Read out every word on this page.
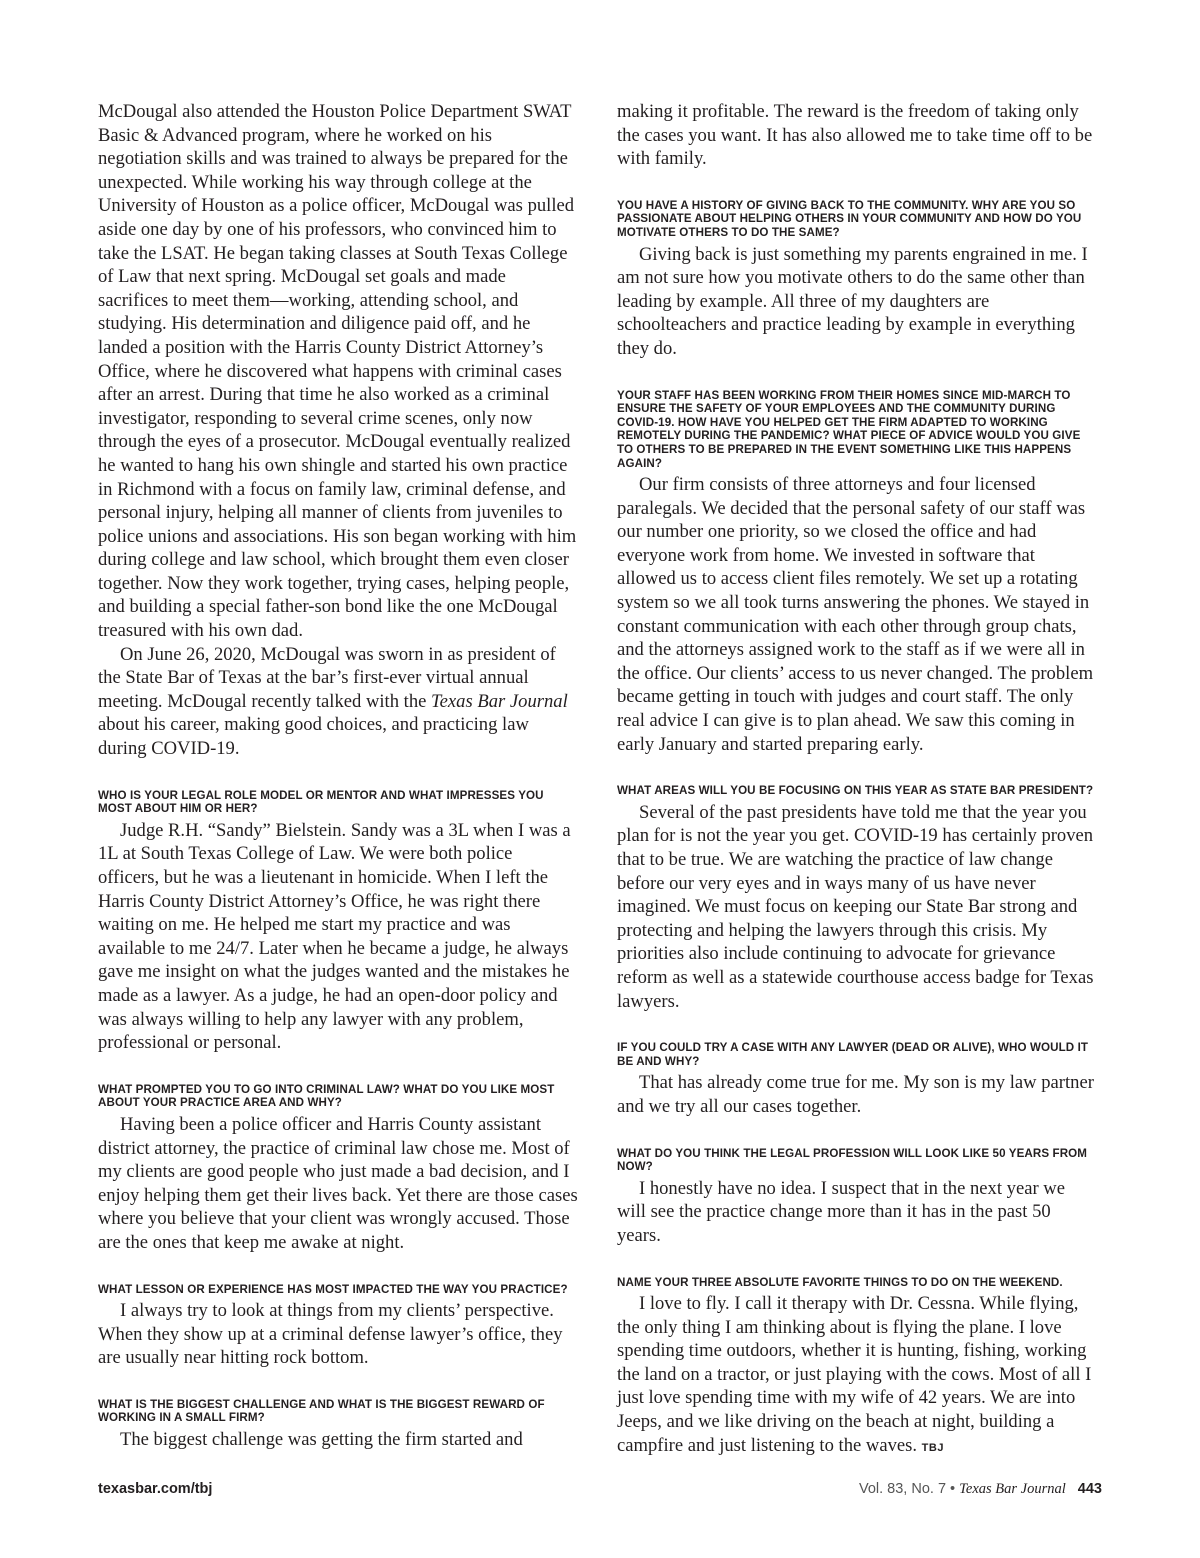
McDougal also attended the Houston Police Department SWAT Basic & Advanced program, where he worked on his negotiation skills and was trained to always be prepared for the unexpected. While working his way through college at the University of Houston as a police officer, McDougal was pulled aside one day by one of his professors, who convinced him to take the LSAT. He began taking classes at South Texas College of Law that next spring. McDougal set goals and made sacrifices to meet them—working, attending school, and studying. His determination and diligence paid off, and he landed a position with the Harris County District Attorney’s Office, where he discovered what happens with criminal cases after an arrest. During that time he also worked as a criminal investigator, responding to several crime scenes, only now through the eyes of a prosecutor. McDougal eventually realized he wanted to hang his own shingle and started his own practice in Richmond with a focus on family law, criminal defense, and personal injury, helping all manner of clients from juveniles to police unions and associations. His son began working with him during college and law school, which brought them even closer together. Now they work together, trying cases, helping people, and building a special father-son bond like the one McDougal treasured with his own dad.

On June 26, 2020, McDougal was sworn in as president of the State Bar of Texas at the bar’s first-ever virtual annual meeting. McDougal recently talked with the Texas Bar Journal about his career, making good choices, and practicing law during COVID-19.

WHO IS YOUR LEGAL ROLE MODEL OR MENTOR AND WHAT IMPRESSES YOU MOST ABOUT HIM OR HER?

Judge R.H. “Sandy” Bielstein. Sandy was a 3L when I was a 1L at South Texas College of Law. We were both police officers, but he was a lieutenant in homicide. When I left the Harris County District Attorney’s Office, he was right there waiting on me. He helped me start my practice and was available to me 24/7. Later when he became a judge, he always gave me insight on what the judges wanted and the mistakes he made as a lawyer. As a judge, he had an open-door policy and was always willing to help any lawyer with any problem, professional or personal.

WHAT PROMPTED YOU TO GO INTO CRIMINAL LAW? WHAT DO YOU LIKE MOST ABOUT YOUR PRACTICE AREA AND WHY?

Having been a police officer and Harris County assistant district attorney, the practice of criminal law chose me. Most of my clients are good people who just made a bad decision, and I enjoy helping them get their lives back. Yet there are those cases where you believe that your client was wrongly accused. Those are the ones that keep me awake at night.

WHAT LESSON OR EXPERIENCE HAS MOST IMPACTED THE WAY YOU PRACTICE?

I always try to look at things from my clients’ perspective. When they show up at a criminal defense lawyer’s office, they are usually near hitting rock bottom.

WHAT IS THE BIGGEST CHALLENGE AND WHAT IS THE BIGGEST REWARD OF WORKING IN A SMALL FIRM?

The biggest challenge was getting the firm started and

making it profitable. The reward is the freedom of taking only the cases you want. It has also allowed me to take time off to be with family.

YOU HAVE A HISTORY OF GIVING BACK TO THE COMMUNITY. WHY ARE YOU SO PASSIONATE ABOUT HELPING OTHERS IN YOUR COMMUNITY AND HOW DO YOU MOTIVATE OTHERS TO DO THE SAME?

Giving back is just something my parents engrained in me. I am not sure how you motivate others to do the same other than leading by example. All three of my daughters are schoolteachers and practice leading by example in everything they do.

YOUR STAFF HAS BEEN WORKING FROM THEIR HOMES SINCE MID-MARCH TO ENSURE THE SAFETY OF YOUR EMPLOYEES AND THE COMMUNITY DURING COVID-19. HOW HAVE YOU HELPED GET THE FIRM ADAPTED TO WORKING REMOTELY DURING THE PANDEMIC? WHAT PIECE OF ADVICE WOULD YOU GIVE TO OTHERS TO BE PREPARED IN THE EVENT SOMETHING LIKE THIS HAPPENS AGAIN?

Our firm consists of three attorneys and four licensed paralegals. We decided that the personal safety of our staff was our number one priority, so we closed the office and had everyone work from home. We invested in software that allowed us to access client files remotely. We set up a rotating system so we all took turns answering the phones. We stayed in constant communication with each other through group chats, and the attorneys assigned work to the staff as if we were all in the office. Our clients’ access to us never changed. The problem became getting in touch with judges and court staff. The only real advice I can give is to plan ahead. We saw this coming in early January and started preparing early.

WHAT AREAS WILL YOU BE FOCUSING ON THIS YEAR AS STATE BAR PRESIDENT?

Several of the past presidents have told me that the year you plan for is not the year you get. COVID-19 has certainly proven that to be true. We are watching the practice of law change before our very eyes and in ways many of us have never imagined. We must focus on keeping our State Bar strong and protecting and helping the lawyers through this crisis. My priorities also include continuing to advocate for grievance reform as well as a statewide courthouse access badge for Texas lawyers.

IF YOU COULD TRY A CASE WITH ANY LAWYER (DEAD OR ALIVE), WHO WOULD IT BE AND WHY?

That has already come true for me. My son is my law partner and we try all our cases together.

WHAT DO YOU THINK THE LEGAL PROFESSION WILL LOOK LIKE 50 YEARS FROM NOW?

I honestly have no idea. I suspect that in the next year we will see the practice change more than it has in the past 50 years.

NAME YOUR THREE ABSOLUTE FAVORITE THINGS TO DO ON THE WEEKEND.

I love to fly. I call it therapy with Dr. Cessna. While flying, the only thing I am thinking about is flying the plane. I love spending time outdoors, whether it is hunting, fishing, working the land on a tractor, or just playing with the cows. Most of all I just love spending time with my wife of 42 years. We are into Jeeps, and we like driving on the beach at night, building a campfire and just listening to the waves. TBJ

texasbar.com/tbj	Vol. 83, No. 7 • Texas Bar Journal 443
